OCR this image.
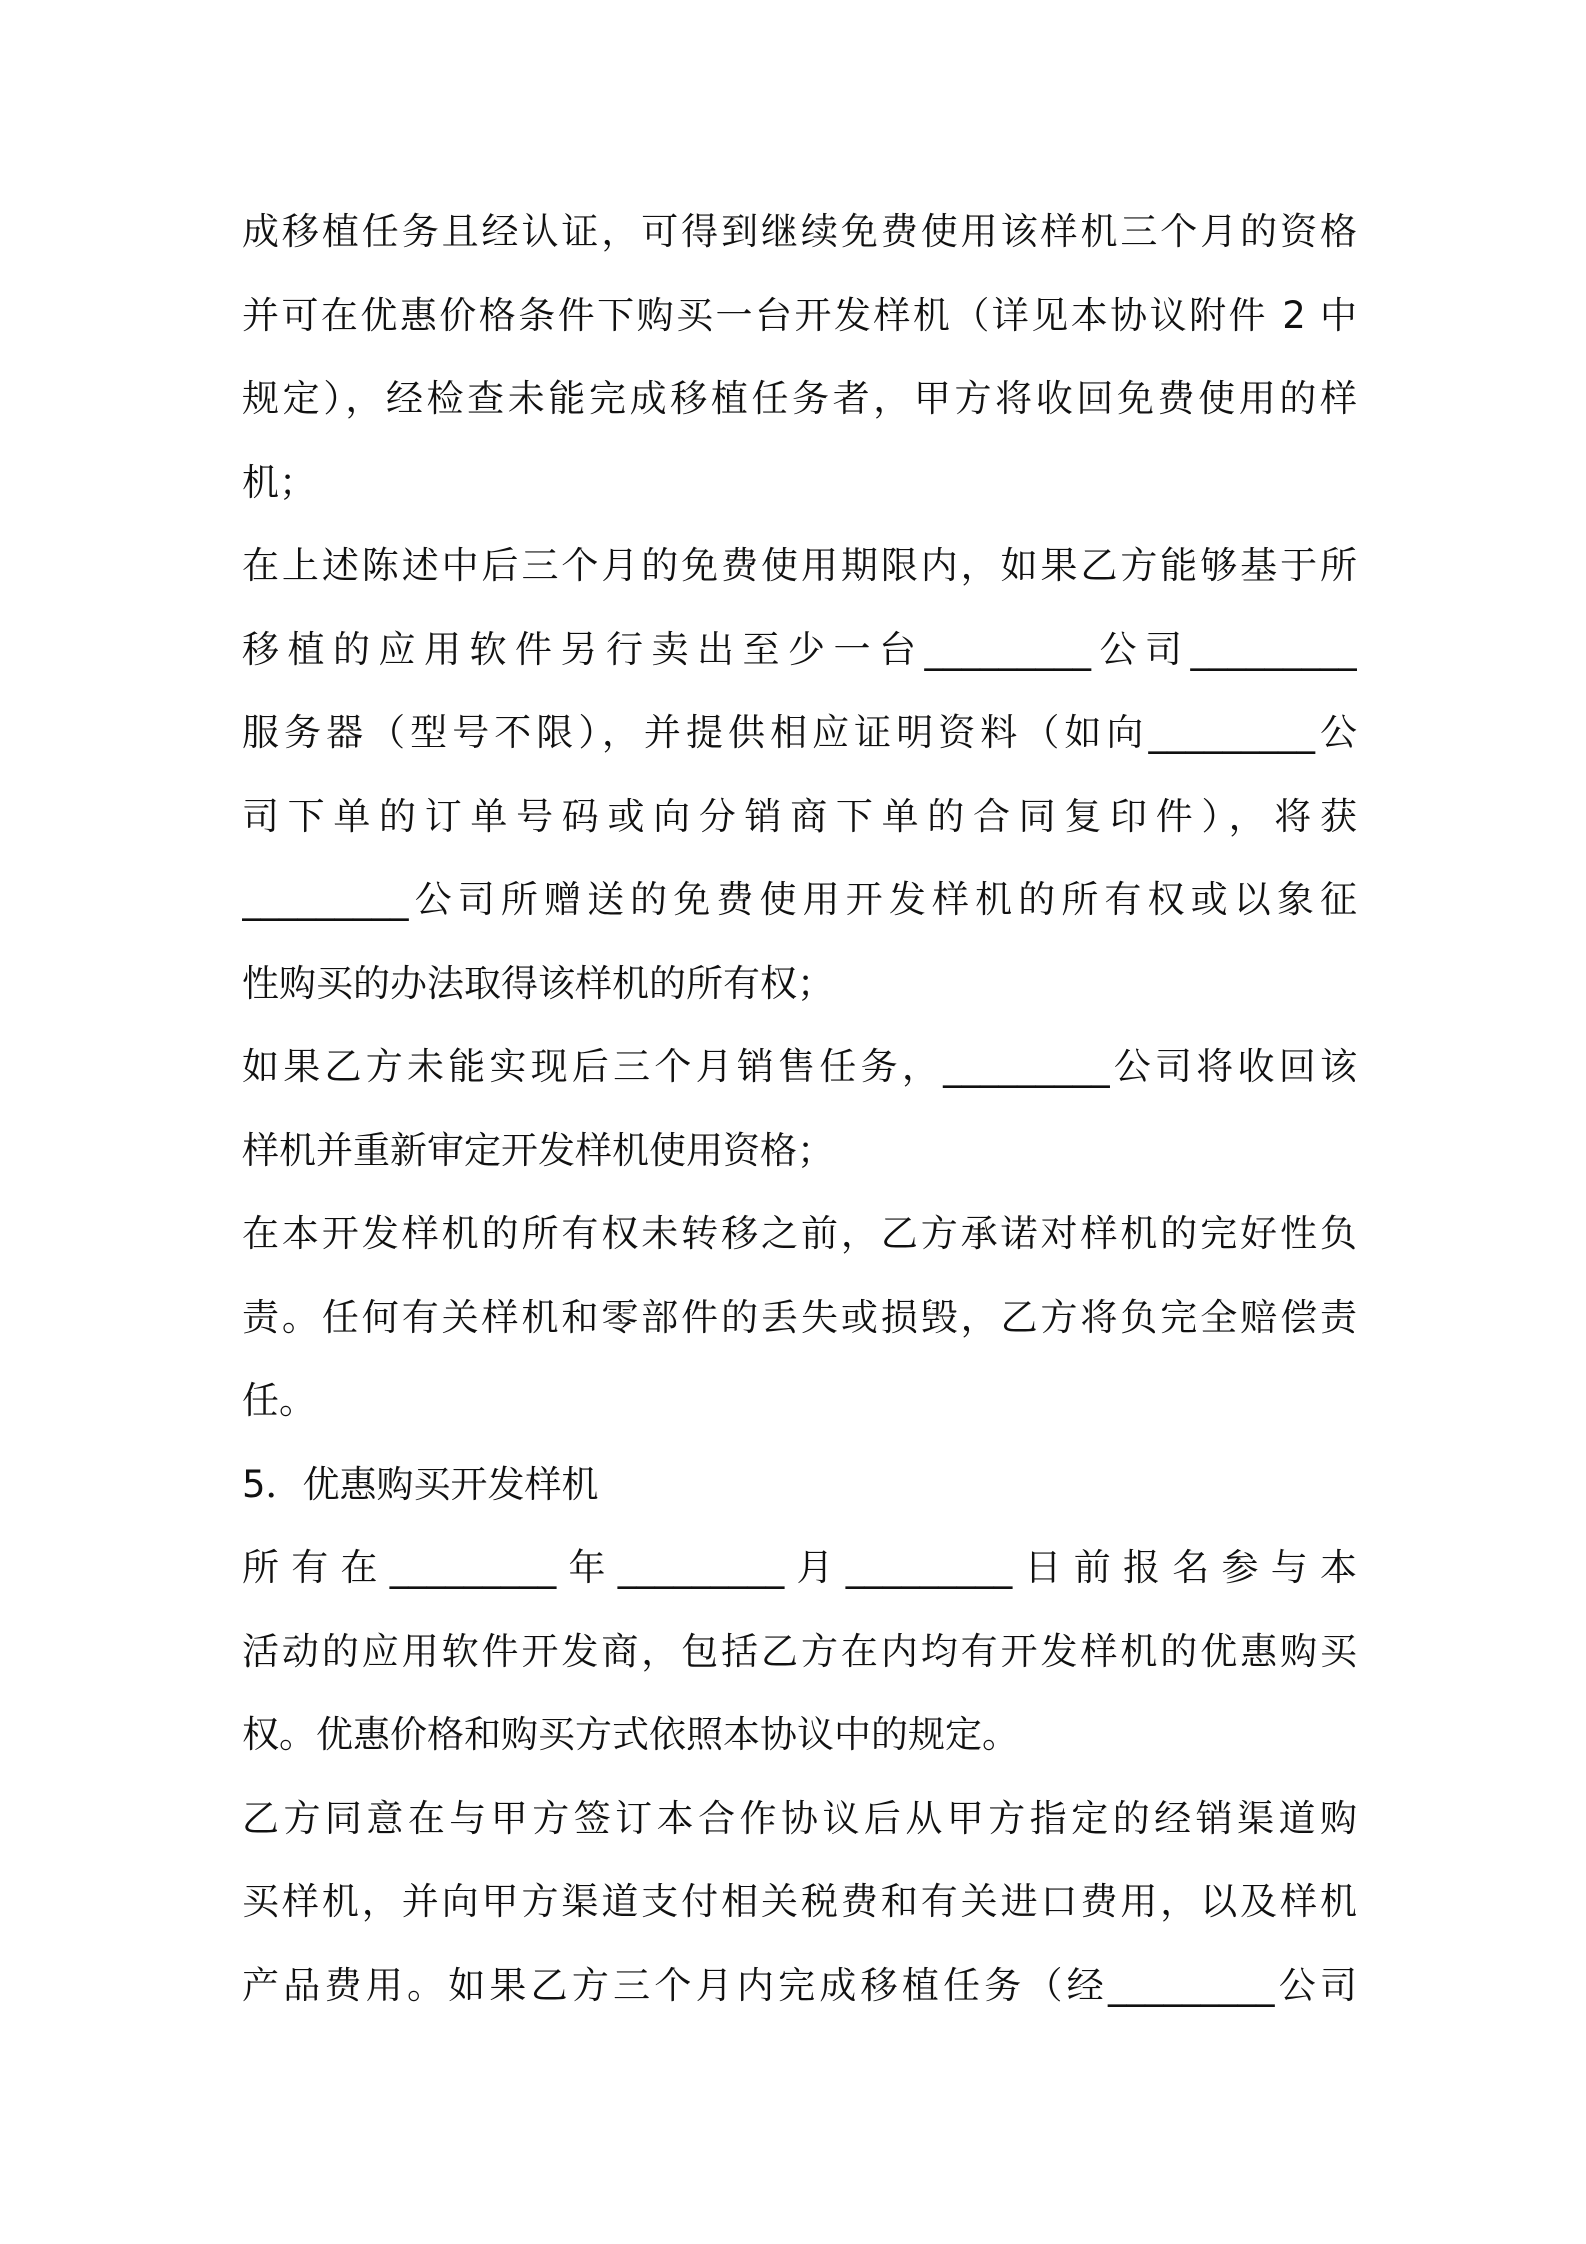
成移植任务且经认证，可得到继续免费使用该样机三个月的资格
并可在优惠价格条件下购买一台开发样机（详见本协议附件 2 中
规定），经检查未能完成移植任务者，甲方将收回免费使用的样
机；
在上述陈述中后三个月的免费使用期限内，如果乙方能够基于所
移植的应用软件另行卖出至少一台_________公司_________
服务器（型号不限），并提供相应证明资料（如向_________公
司下单的订单号码或向分销商下单的合同复印件），将获
_________公司所赠送的免费使用开发样机的所有权或以象征
性购买的办法取得该样机的所有权；
如果乙方未能实现后三个月销售任务，_________公司将收回该
样机并重新审定开发样机使用资格；
在本开发样机的所有权未转移之前，乙方承诺对样机的完好性负
责。任何有关样机和零部件的丢失或损毁，乙方将负完全赔偿责
任。
5．优惠购买开发样机
所有在_________年_________月_________日前报名参与本
活动的应用软件开发商，包括乙方在内均有开发样机的优惠购买
权。优惠价格和购买方式依照本协议中的规定。
乙方同意在与甲方签订本合作协议后从甲方指定的经销渠道购
买样机，并向甲方渠道支付相关税费和有关进口费用，以及样机
产品费用。如果乙方三个月内完成移植任务（经_________公司
